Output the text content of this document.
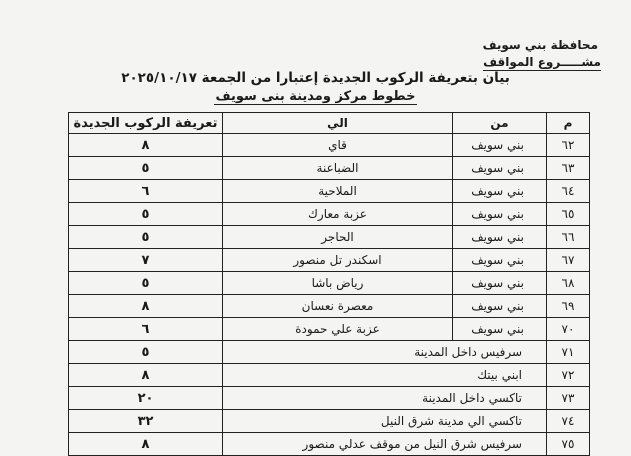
محافظة بني سويف
مشـــــروع المواقف
بيان بتعريفة الركوب الجديدة إعتبارا من الجمعة ٢٠٢٥/١٠/١٧
خطوط مركز ومدينة بنى سويف
م	من	الي	تعريفة الركوب الجديدة
٦٢	بني سويف	قاي	٨
٦٣	بني سويف	الضباعنة	٥
٦٤	بني سويف	الملاحية	٦
٦٥	بني سويف	عزبة معارك	٥
٦٦	بني سويف	الحاجر	٥
٦٧	بني سويف	اسكندر تل منصور	٧
٦٨	بني سويف	رياض باشا	٥
٦٩	بني سويف	معصرة نعسان	٨
٧٠	بني سويف	عزبة علي حمودة	٦
٧١	سرفيس داخل المدينة		٥
٧٢	ابني بيتك		٨
٧٣	تاكسي داخل المدينة		٢٠
٧٤	تاكسي الي مدينة شرق النيل		٣٢
٧٥	سرفيس شرق النيل من موقف عدلي منصور		٨
